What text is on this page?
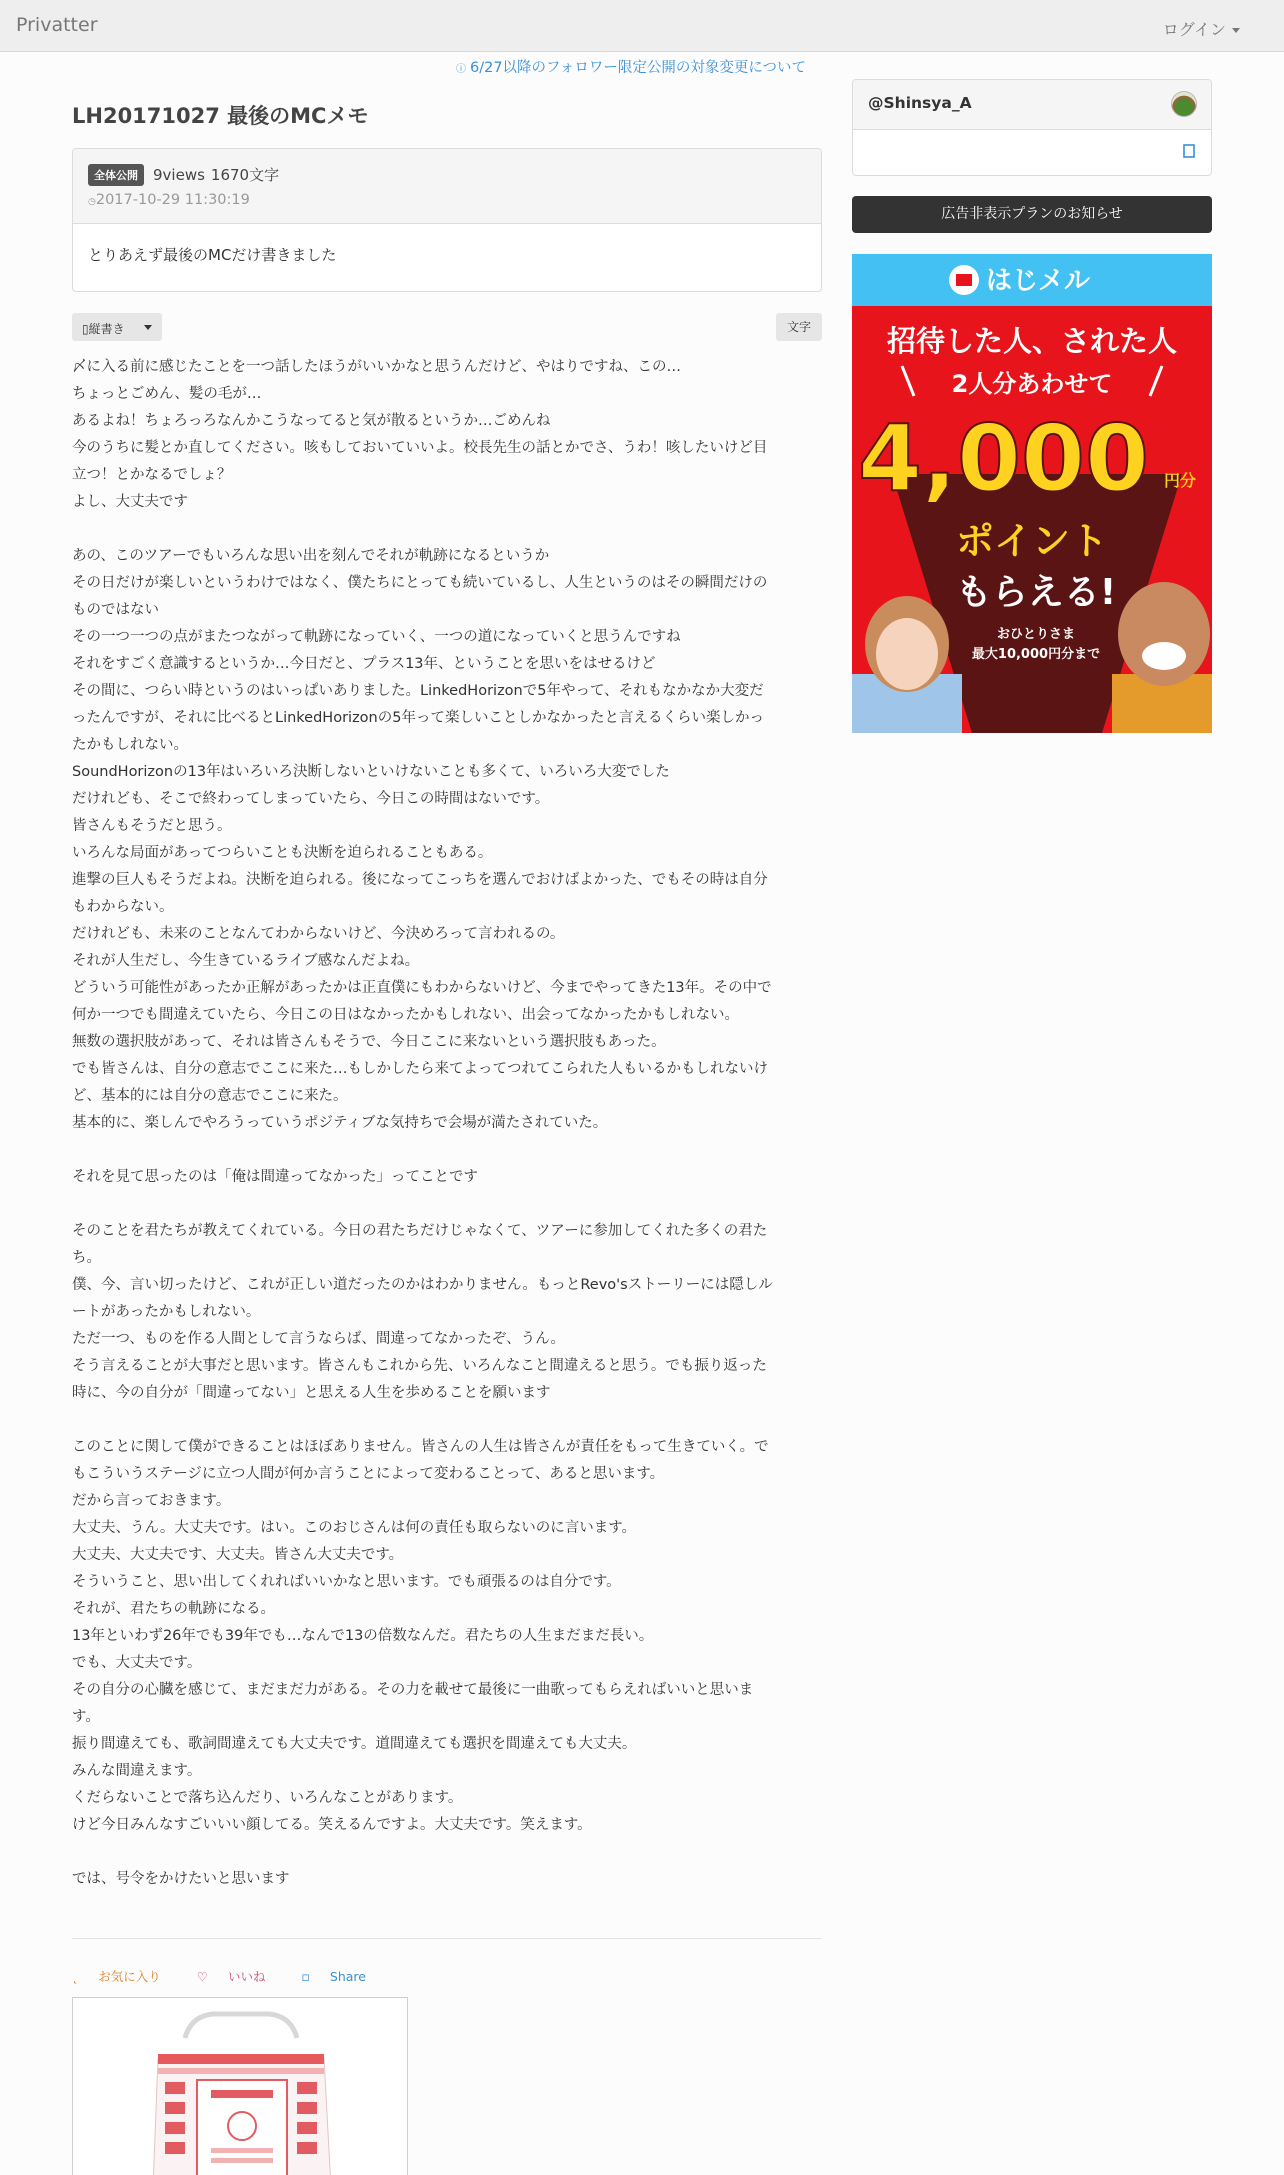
Privatter	ログイン
ⓘ 6/27以降のフォロワー限定公開の対象変更について
LH20171027 最後のMCメモ
全体公開	9views 1670文字
◷2017-10-29 11:30:19
とりあえず最後のMCだけ書きました
▯縦書き	文字
〆に入る前に感じたことを一つ話したほうがいいかなと思うんだけど、やはりですね、この…
ちょっとごめん、髪の毛が…
あるよね！ちょろっろなんかこうなってると気が散るというか…ごめんね
今のうちに髪とか直してください。咳もしておいていいよ。校長先生の話とかでさ、うわ！咳したいけど目
立つ！とかなるでしょ？
よし、大丈夫です
あの、このツアーでもいろんな思い出を刻んでそれが軌跡になるというか
その日だけが楽しいというわけではなく、僕たちにとっても続いているし、人生というのはその瞬間だけの
ものではない
その一つ一つの点がまたつながって軌跡になっていく、一つの道になっていくと思うんですね
それをすごく意識するというか…今日だと、プラス13年、ということを思いをはせるけど
その間に、つらい時というのはいっぱいありました。LinkedHorizonで5年やって、それもなかなか大変だ
ったんですが、それに比べるとLinkedHorizonの5年って楽しいことしかなかったと言えるくらい楽しかっ
たかもしれない。
SoundHorizonの13年はいろいろ決断しないといけないことも多くて、いろいろ大変でした
だけれども、そこで終わってしまっていたら、今日この時間はないです。
皆さんもそうだと思う。
いろんな局面があってつらいことも決断を迫られることもある。
進撃の巨人もそうだよね。決断を迫られる。後になってこっちを選んでおけばよかった、でもその時は自分
もわからない。
だけれども、未来のことなんてわからないけど、今決めろって言われるの。
それが人生だし、今生きているライブ感なんだよね。
どういう可能性があったか正解があったかは正直僕にもわからないけど、今までやってきた13年。その中で
何か一つでも間違えていたら、今日この日はなかったかもしれない、出会ってなかったかもしれない。
無数の選択肢があって、それは皆さんもそうで、今日ここに来ないという選択肢もあった。
でも皆さんは、自分の意志でここに来た…もしかしたら来てよってつれてこられた人もいるかもしれないけ
ど、基本的には自分の意志でここに来た。
基本的に、楽しんでやろうっていうポジティブな気持ちで会場が満たされていた。
それを見て思ったのは「俺は間違ってなかった」ってことです
そのことを君たちが教えてくれている。今日の君たちだけじゃなくて、ツアーに参加してくれた多くの君た
ち。
僕、今、言い切ったけど、これが正しい道だったのかはわかりません。もっとRevo'sストーリーには隠しル
ートがあったかもしれない。
ただ一つ、ものを作る人間として言うならば、間違ってなかったぞ、うん。
そう言えることが大事だと思います。皆さんもこれから先、いろんなこと間違えると思う。でも振り返った
時に、今の自分が「間違ってない」と思える人生を歩めることを願います
このことに関して僕ができることはほぼありません。皆さんの人生は皆さんが責任をもって生きていく。で
もこういうステージに立つ人間が何か言うことによって変わることって、あると思います。
だから言っておきます。
大丈夫、うん。大丈夫です。はい。このおじさんは何の責任も取らないのに言います。
大丈夫、大丈夫です、大丈夫。皆さん大丈夫です。
そういうこと、思い出してくれればいいかなと思います。でも頑張るのは自分です。
それが、君たちの軌跡になる。
13年といわず26年でも39年でも…なんで13の倍数なんだ。君たちの人生まだまだ長い。
でも、大丈夫です。
その自分の心臓を感じて、まだまだ力がある。その力を載せて最後に一曲歌ってもらえればいいと思いま
す。
振り間違えても、歌詞間違えても大丈夫です。道間違えても選択を間違えても大丈夫。
みんな間違えます。
くだらないことで落ち込んだり、いろんなことがあります。
けど今日みんなすごいいい顔してる。笑えるんですよ。大丈夫です。笑えます。
では、号令をかけたいと思います
˛ お気に入り	♡ いいね	▫ Share
@Shinsya_A
広告非表示プランのお知らせ
はじメル
招待した人、された人
2人分あわせて
4,000 円分
ポイント
もらえる!
おひとりさま
最大10,000円分まで
